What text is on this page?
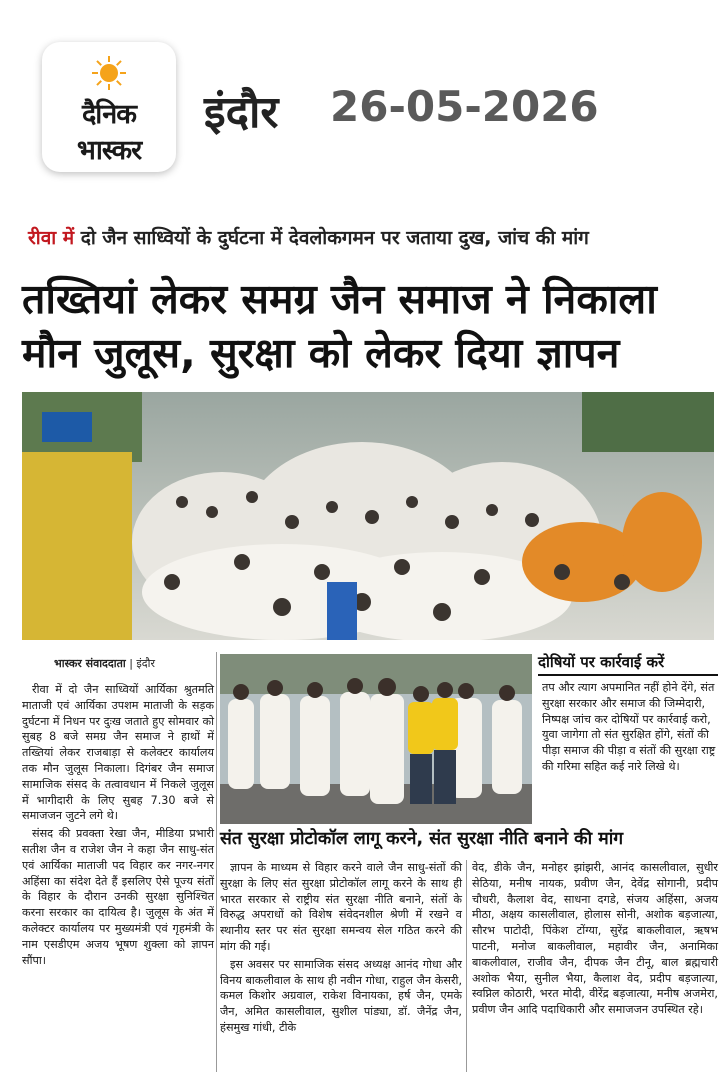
दैनिक
भास्कर
इंदौर 26-05-2026
रीवा में दो जैन साध्वियों के दुर्घटना में देवलोकगमन पर जताया दुख, जांच की मांग
तख्तियां लेकर समग्र जैन समाज ने निकाला मौन जुलूस, सुरक्षा को लेकर दिया ज्ञापन
भास्कर संवाददाता | इंदौर

रीवा में दो जैन साध्वियों आर्यिका श्रुतमति माताजी एवं आर्यिका उपशम माताजी के सड़क दुर्घटना में निधन पर दुःख जताते हुए सोमवार को सुबह 8 बजे समग्र जैन समाज ने हाथों में तख्तियां लेकर राजबाड़ा से कलेक्टर कार्यालय तक मौन जुलूस निकाला। दिगंबर जैन समाज सामाजिक संसद के तत्वावधान में निकले जुलूस में भागीदारी के लिए सुबह 7.30 बजे से समाजजन जुटने लगे थे।

संसद की प्रवक्ता रेखा जैन, मीडिया प्रभारी सतीश जैन व राजेश जैन ने कहा जैन साधु-संत एवं आर्यिका माताजी पद विहार कर नगर-नगर अहिंसा का संदेश देते हैं इसलिए ऐसे पूज्य संतों के विहार के दौरान उनकी सुरक्षा सुनिश्चित करना सरकार का दायित्व है। जुलूस के अंत में कलेक्टर कार्यालय पर मुख्यमंत्री एवं गृहमंत्री के नाम एसडीएम अजय भूषण शुक्ला को ज्ञापन सौंपा।

दोषियों पर कार्रवाई करें
तप और त्याग अपमानित नहीं होने देंगे, संत सुरक्षा सरकार और समाज की जिम्मेदारी, निष्पक्ष जांच कर दोषियों पर कार्रवाई करो, युवा जागेगा तो संत सुरक्षित होंगे, संतों की पीड़ा समाज की पीड़ा व संतों की सुरक्षा राष्ट्र की गरिमा सहित कई नारे लिखे थे।
संत सुरक्षा प्रोटोकॉल लागू करने, संत सुरक्षा नीति बनाने की मांग

ज्ञापन के माध्यम से विहार करने वाले जैन साधु-संतों की सुरक्षा के लिए संत सुरक्षा प्रोटोकॉल लागू करने के साथ ही भारत सरकार से राष्ट्रीय संत सुरक्षा नीति बनाने, संतों के विरुद्ध अपराधों को विशेष संवेदनशील श्रेणी में रखने व स्थानीय स्तर पर संत सुरक्षा समन्वय सेल गठित करने की मांग की गई।

इस अवसर पर सामाजिक संसद अध्यक्ष आनंद गोधा और विनय बाकलीवाल के साथ ही नवीन गोधा, राहुल जैन केसरी, कमल किशोर अग्रवाल, राकेश विनायका, हर्ष जैन, एमके जैन, अमित कासलीवाल, सुशील पांड्या, डॉ. जैनेंद्र जैन, हंसमुख गांधी, टीके

वेद, डीके जैन, मनोहर झांझरी, आनंद कासलीवाल, सुधीर सेठिया, मनीष नायक, प्रवीण जैन, देवेंद्र सोगानी, प्रदीप चौधरी, कैलाश वेद, साधना दगडे, संजय अहिंसा, अजय मीठा, अक्षय कासलीवाल, होलास सोनी, अशोक बड़जात्या, सौरभ पाटोदी, पिंकेश टोंग्या, सुरेंद्र बाकलीवाल, ऋषभ पाटनी, मनोज बाकलीवाल, महावीर जैन, अनामिका बाकलीवाल, राजीव जैन, दीपक जैन टीनू, बाल ब्रह्मचारी अशोक भैया, सुनील भैया, कैलाश वेद, प्रदीप बड़जात्या, स्वप्निल कोठारी, भरत मोदी, वीरेंद्र बड़जात्या, मनीष अजमेरा, प्रवीण जैन आदि पदाधिकारी और समाजजन उपस्थित रहे।
